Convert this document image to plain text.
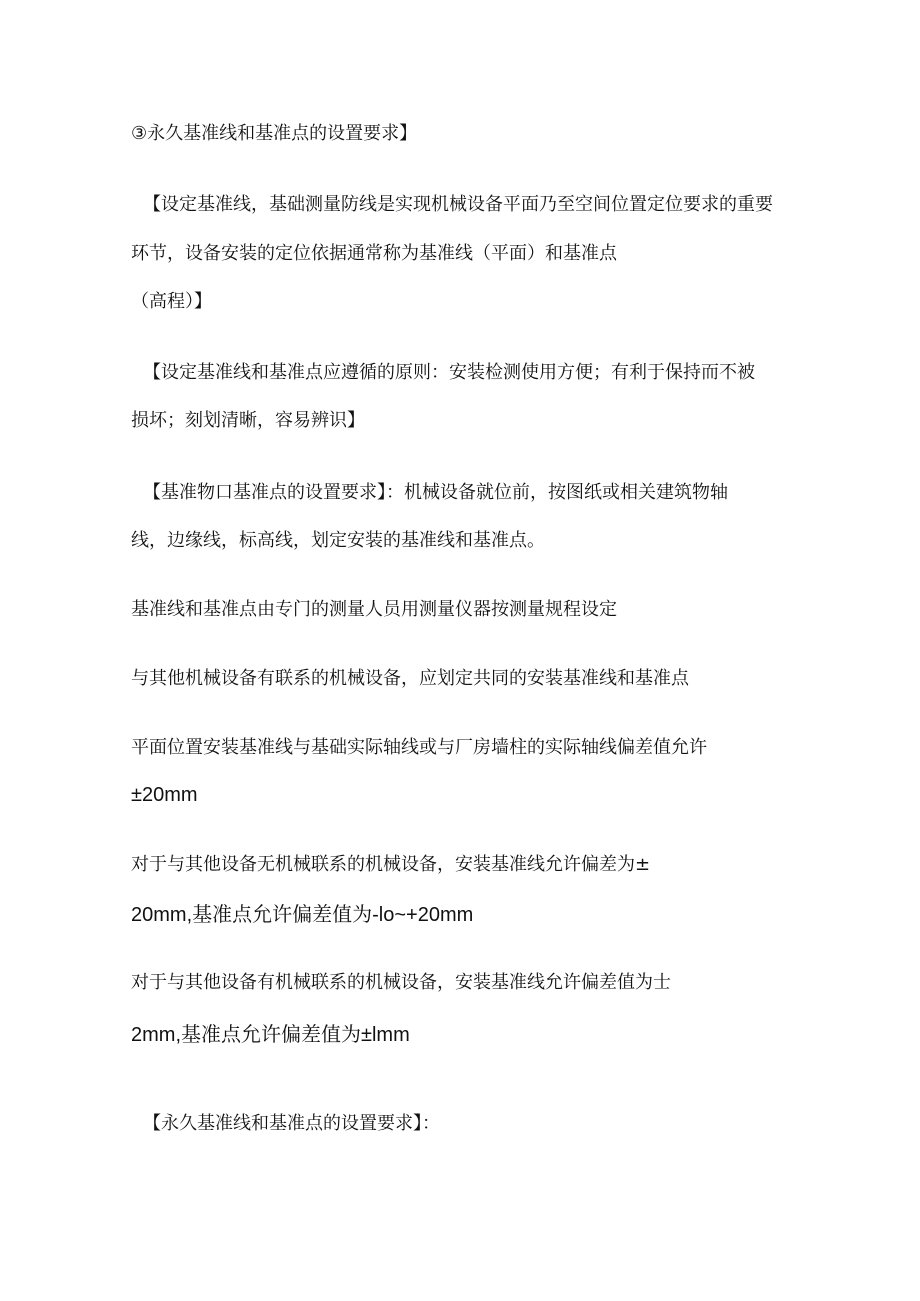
③永久基准线和基准点的设置要求】
【设定基准线，基础测量防线是实现机械设备平面乃至空间位置定位要求的重要
环节，设备安装的定位依据通常称为基准线（平面）和基准点
（高程）】
【设定基准线和基准点应遵循的原则：安装检测使用方便；有利于保持而不被
损坏；刻划清晰，容易辨识】
【基准物口基准点的设置要求】：机械设备就位前，按图纸或相关建筑物轴
线，边缘线，标高线，划定安装的基准线和基准点。
基准线和基准点由专门的测量人员用测量仪器按测量规程设定
与其他机械设备有联系的机械设备，应划定共同的安装基准线和基准点
平面位置安装基准线与基础实际轴线或与厂房墙柱的实际轴线偏差值允许
±20mm
对于与其他设备无机械联系的机械设备，安装基准线允许偏差为±
20mm,基准点允许偏差值为-lo~+20mm
对于与其他设备有机械联系的机械设备，安装基准线允许偏差值为士
2mm,基准点允许偏差值为±lmm
【永久基准线和基准点的设置要求】：
